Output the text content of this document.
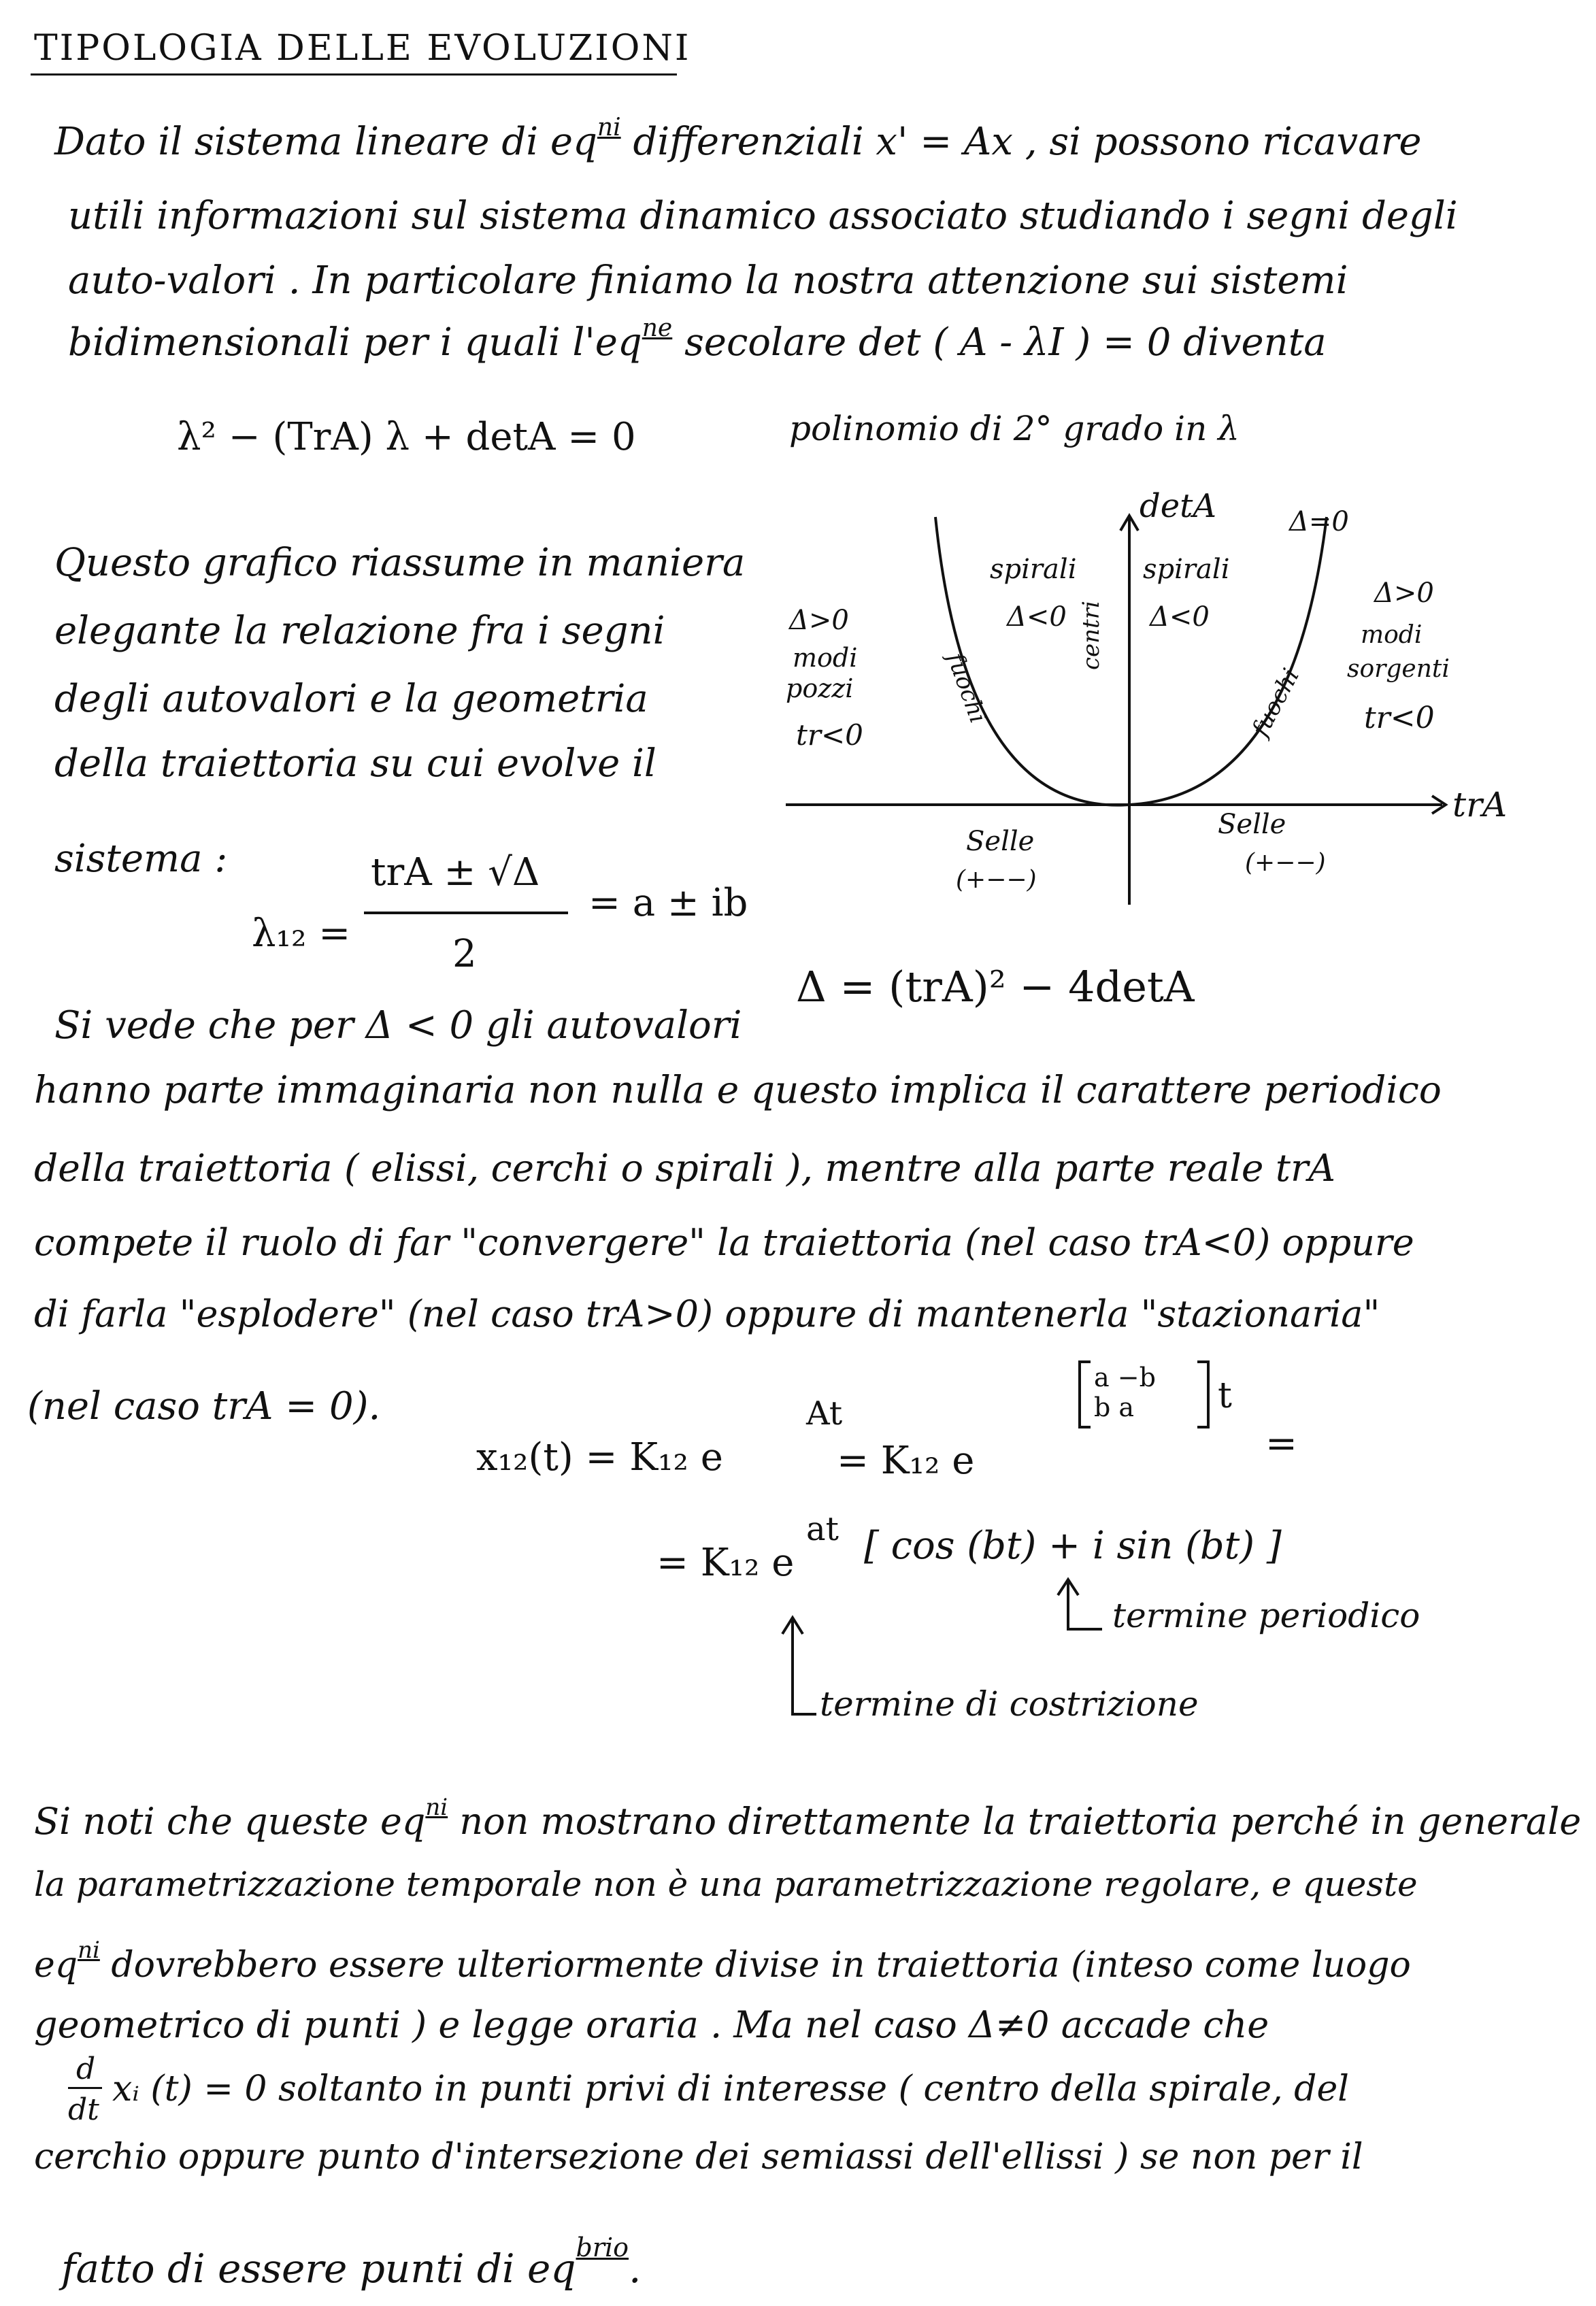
TIPOLOGIA DELLE EVOLUZIONI
Dato il sistema lineare di $eq^{ni}$ differenziali x' = Ax , si possono ricavare
utili informazioni sul sistema dinamico associato studiando i segni degli
auto-valori . In particolare finiamo la nostra attenzione sui sistemi
bidimensionali per i quali $l'eq^{ne}$ secolare det ( A - λI ) = 0 diventa
λ² − (TrA) λ + detA = 0	polinomio di 2° grado in λ
Questo grafico riassume in maniera
elegante la relazione fra i segni
degli autovalori e la geometria
della traiettoria su cui evolve il
sistema :
λ₁₂ =
trA ± √Δ
2
= a ± ib
Δ = (trA)² − 4detA
detA
trA
Δ=0
Δ>0
modi
pozzi
tr<0
spirali
Δ<0
spirali
Δ<0
fuochi
centri
fuochi
Δ>0
modi
sorgenti
tr<0
Selle
(+−−)
Selle
(+−−)
Si vede che per Δ < 0 gli autovalori
hanno parte immaginaria non nulla e questo implica il carattere periodico
della traiettoria ( elissi, cerchi o spirali ), mentre alla parte reale trA
compete il ruolo di far "convergere" la traiettoria (nel caso trA<0) oppure
di farla "esplodere" (nel caso trA>0) oppure di mantenerla "stazionaria"
(nel caso trA = 0).
x₁₂(t) = K₁₂ e
At
= K₁₂ e
a −b
b a t
=
= K₁₂ e
at [ cos (bt) + i sin (bt) ]
termine periodico
termine di costrizione
Si noti che queste $eq^{ni}$ non mostrano direttamente la traiettoria perché in generale
la parametrizzazione temporale non è una parametrizzazione regolare, e queste
$eq^{ni}$ dovrebbero essere ulteriormente divise in traiettoria (inteso come luogo
geometrico di punti ) e legge oraria . Ma nel caso Δ≠0 accade che
d
dt
xᵢ (t) = 0 soltanto in punti privi di interesse ( centro della spirale, del
cerchio oppure punto d'intersezione dei semiassi dell'ellissi ) se non per il
fatto di essere punti di $eq^{brio}$.
